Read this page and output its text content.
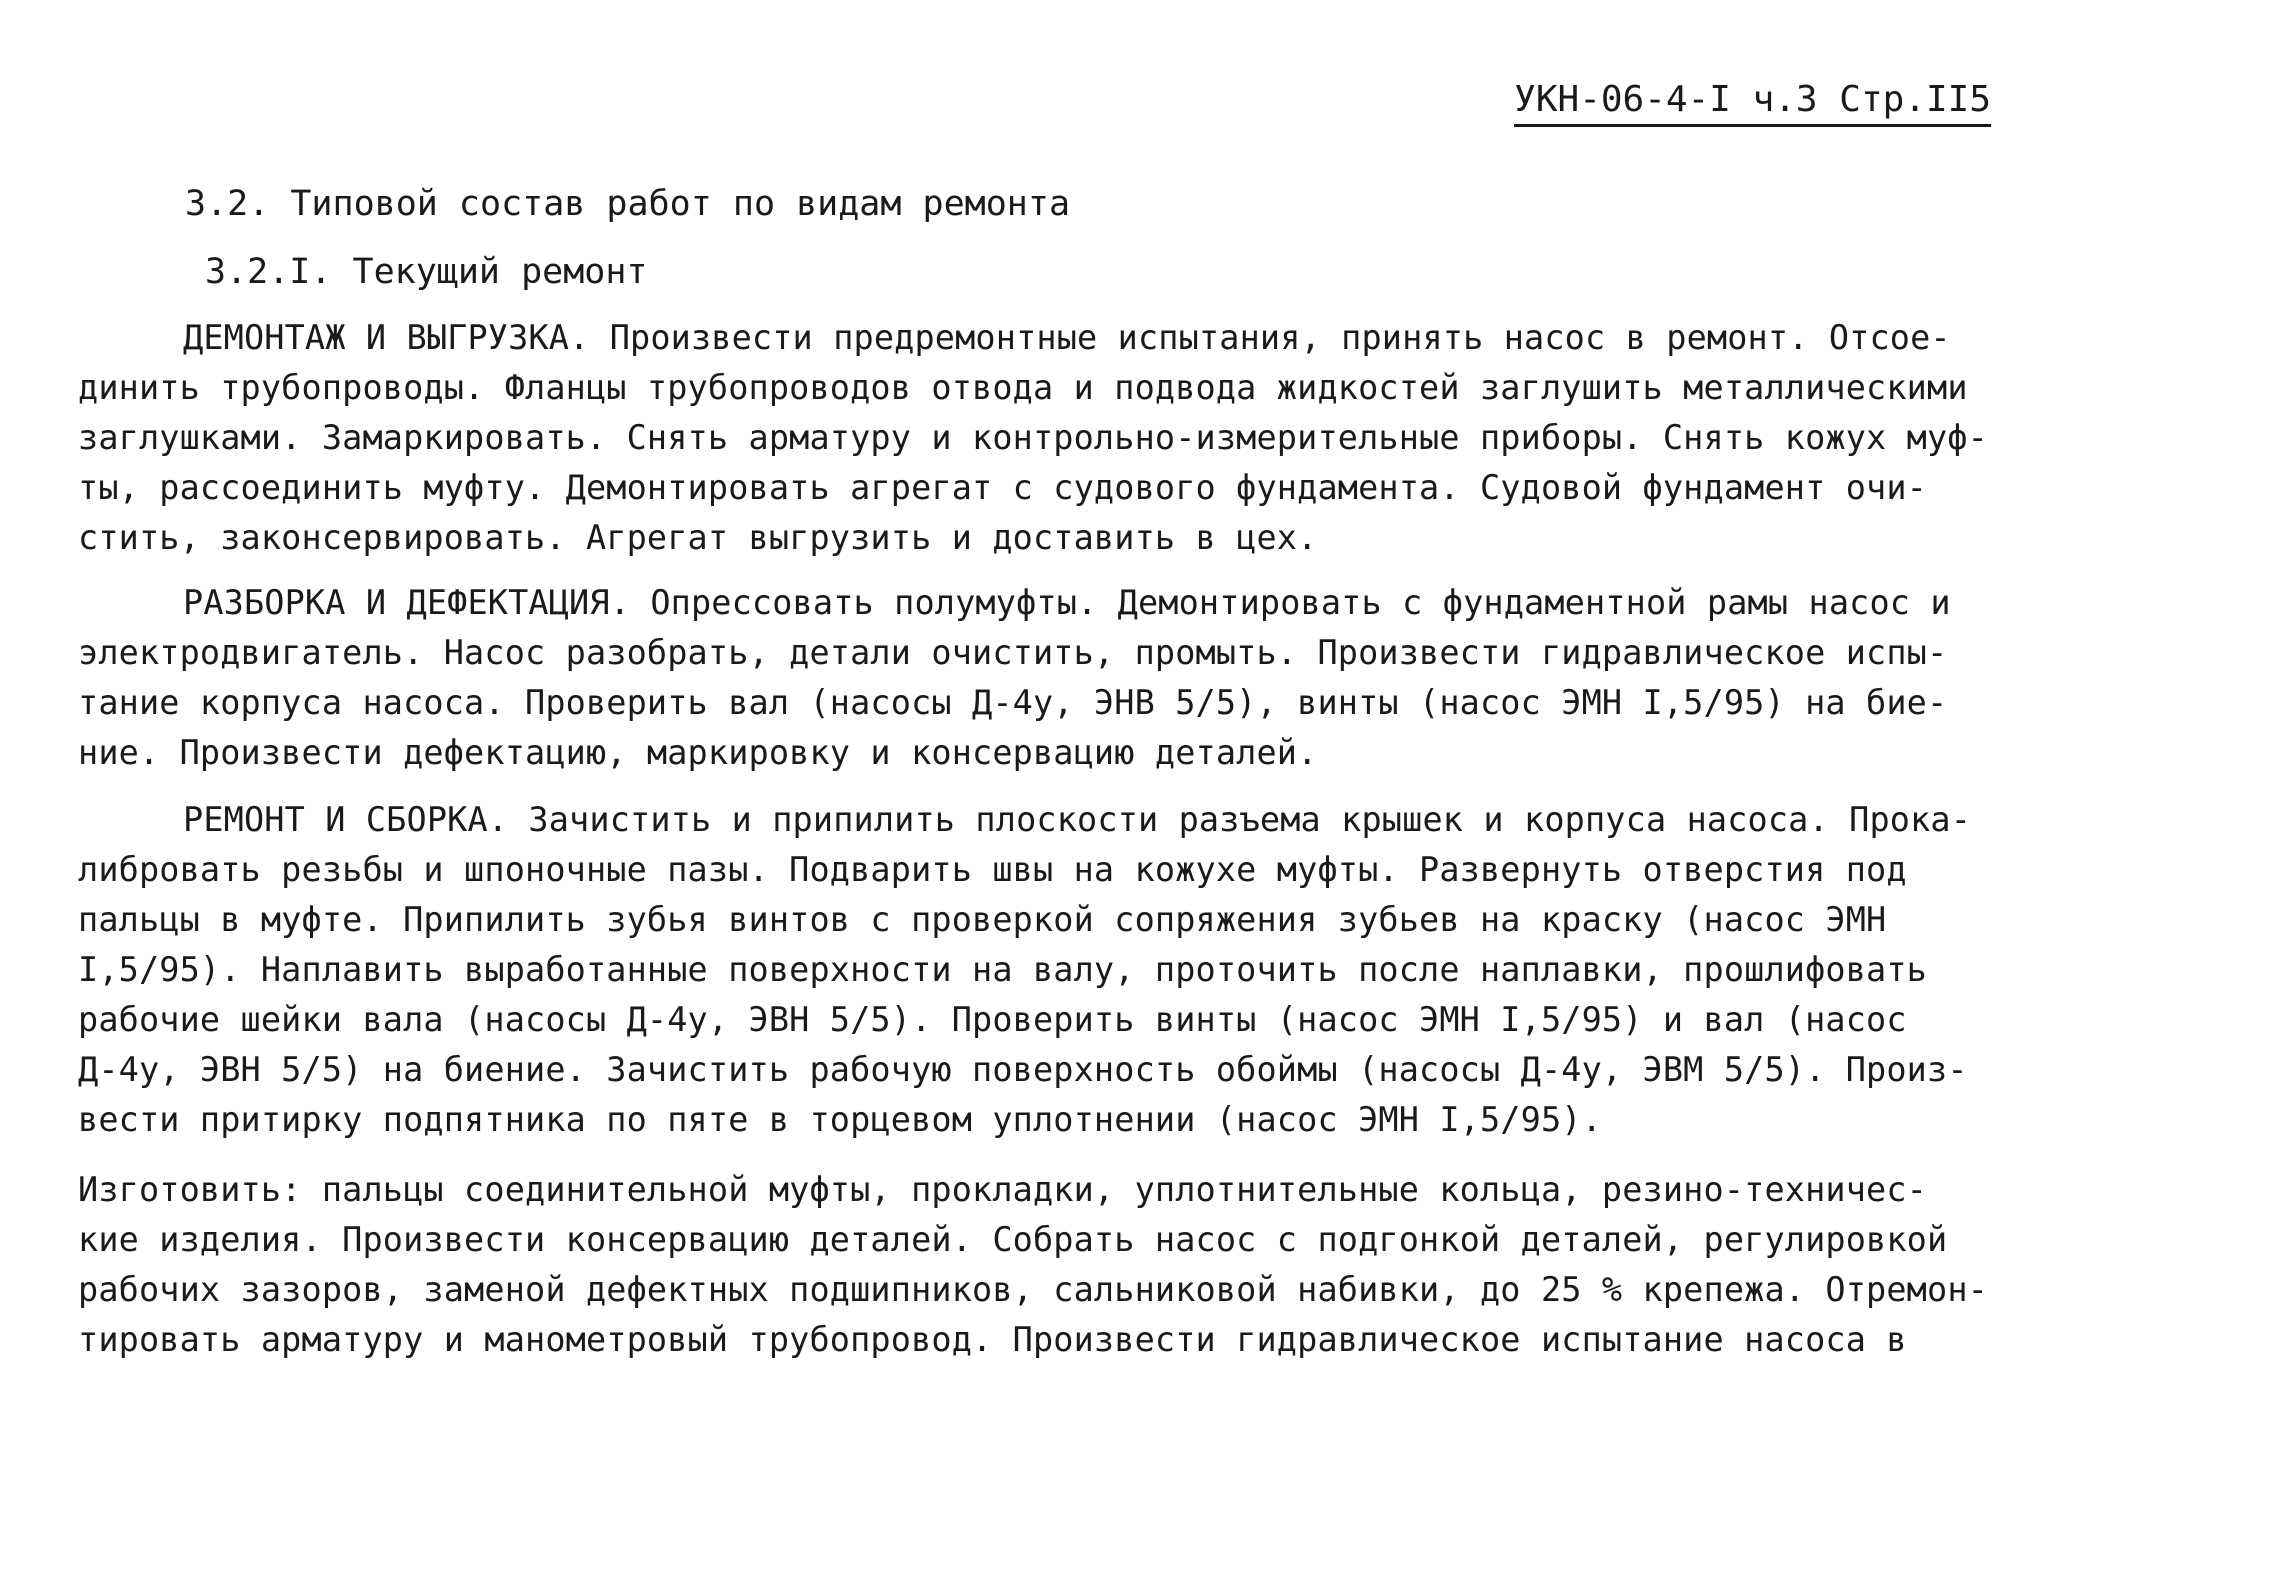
УКН-06-4-I ч.3 Стр.II5
3.2. Типовой состав работ по видам ремонта
3.2.I. Текущий ремонт
ДЕМОНТАЖ И ВЫГРУЗКА. Произвести предремонтные испытания, принять насос в ремонт. Отсое-
динить трубопроводы. Фланцы трубопроводов отвода и подвода жидкостей заглушить металлическими
заглушками. Замаркировать. Снять арматуру и контрольно-измерительные приборы. Снять кожух муф-
ты, рассоединить муфту. Демонтировать агрегат с судового фундамента. Судовой фундамент очи-
стить, законсервировать. Агрегат выгрузить и доставить в цех.
РАЗБОРКА И ДЕФЕКТАЦИЯ. Опрессовать полумуфты. Демонтировать с фундаментной рамы насос и
электродвигатель. Насос разобрать, детали очистить, промыть. Произвести гидравлическое испы-
тание корпуса насоса. Проверить вал (насосы Д-4у, ЭНВ 5/5), винты (насос ЭМН I,5/95) на бие-
ние. Произвести дефектацию, маркировку и консервацию деталей.
РЕМОНТ И СБОРКА. Зачистить и припилить плоскости разъема крышек и корпуса насоса. Прока-
либровать резьбы и шпоночные пазы. Подварить швы на кожухе муфты. Развернуть отверстия под
пальцы в муфте. Припилить зубья винтов с проверкой сопряжения зубьев на краску (насос ЭМН
I,5/95). Наплавить выработанные поверхности на валу, проточить после наплавки, прошлифовать
рабочие шейки вала (насосы Д-4у, ЭВН 5/5). Проверить винты (насос ЭМН I,5/95) и вал (насос
Д-4у, ЭВН 5/5) на биение. Зачистить рабочую поверхность обоймы (насосы Д-4у, ЭВМ 5/5). Произ-
вести притирку подпятника по пяте в торцевом уплотнении (насос ЭМН I,5/95).
Изготовить: пальцы соединительной муфты, прокладки, уплотнительные кольца, резино-техничес-
кие изделия. Произвести консервацию деталей. Собрать насос с подгонкой деталей, регулировкой
рабочих зазоров, заменой дефектных подшипников, сальниковой набивки, до 25 % крепежа. Отремон-
тировать арматуру и манометровый трубопровод. Произвести гидравлическое испытание насоса в
